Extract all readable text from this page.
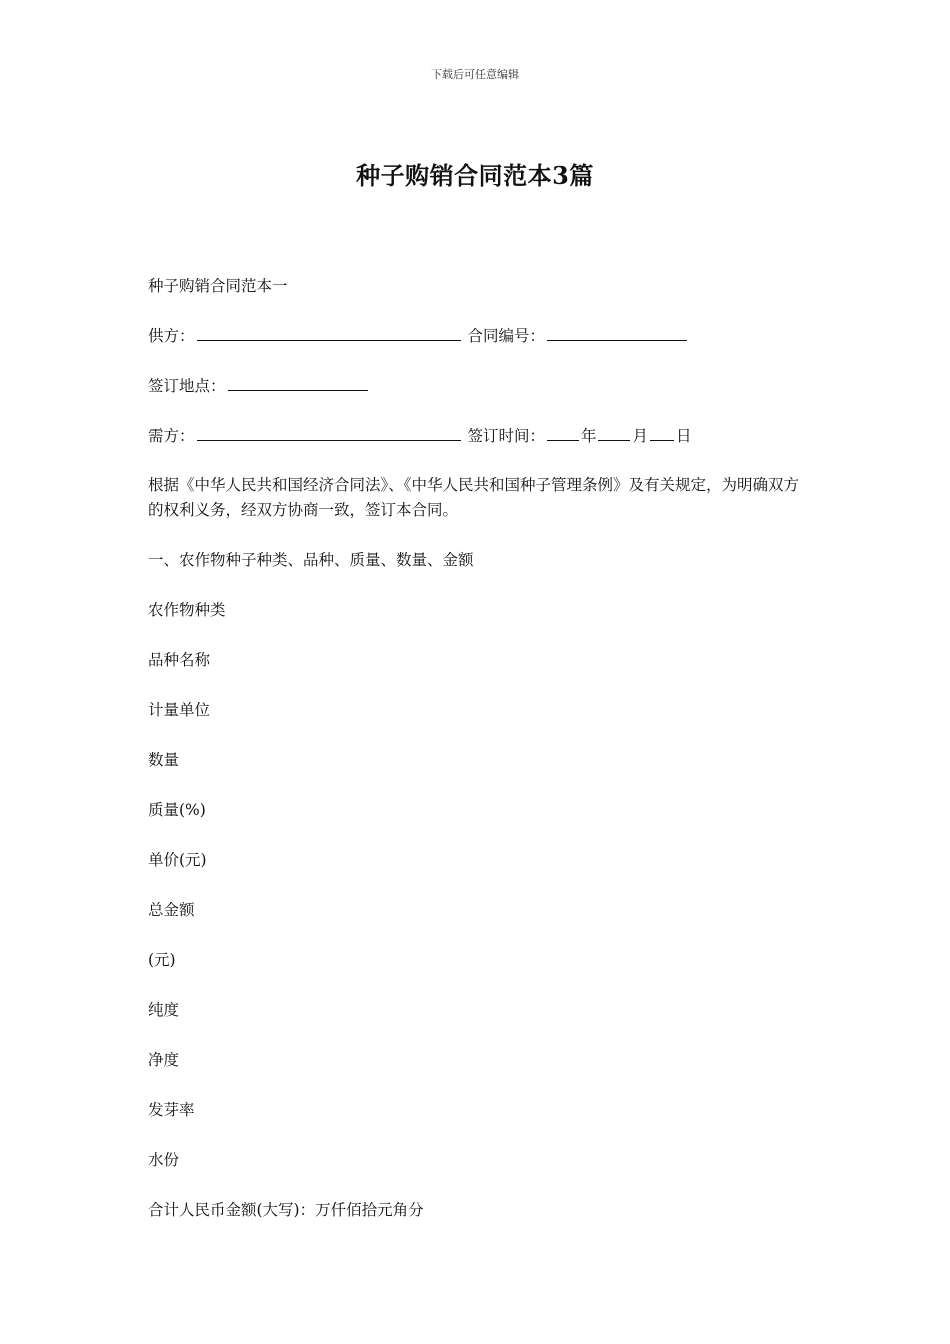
下载后可任意编辑
种子购销合同范本3篇
种子购销合同范本一
供方：	合同编号：
签订地点：
需方：	签订时间： 年 月 日
根据《中华人民共和国经济合同法》、《中华人民共和国种子管理条例》及有关规定，为明确双方的权利义务，经双方协商一致，签订本合同。
一、农作物种子种类、品种、质量、数量、金额
农作物种类
品种名称
计量单位
数量
质量(%)
单价(元)
总金额
(元)
纯度
净度
发芽率
水份
合计人民币金额(大写)：万仟佰拾元角分
